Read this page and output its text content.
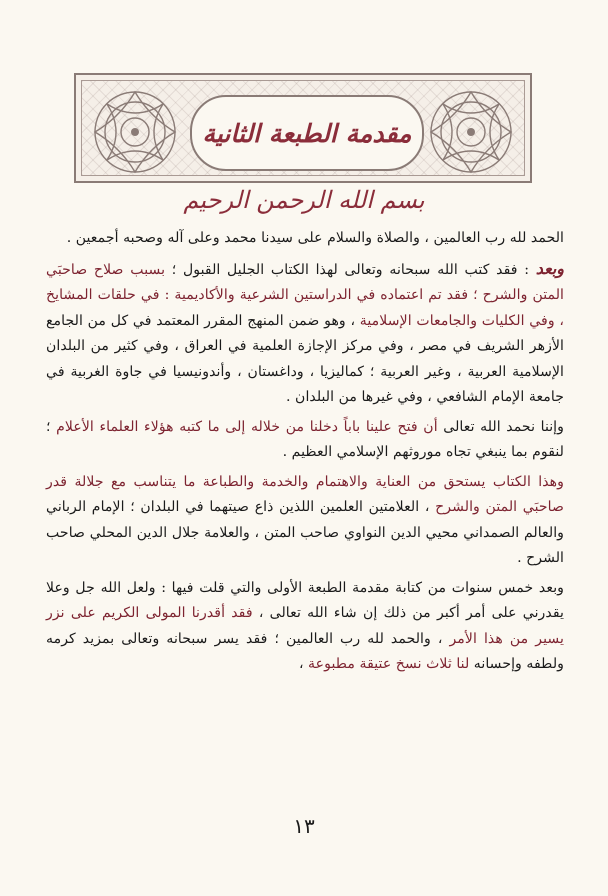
مقدمة الطبعة الثانية
بسم الله الرحمن الرحيم

الحمد لله رب العالمين ، والصلاة والسلام على سيدنا محمد وعلى آله وصحبه أجمعين .

وبعد : فقد كتب الله سبحانه وتعالى لهذا الكتاب الجليل القبول ؛ بسبب صلاح صاحبَي المتن والشرح ؛ فقد تم اعتماده في الدراستين الشرعية والأكاديمية : في حلقات المشايخ ، وفي الكليات والجامعات الإسلامية ، وهو ضمن المنهج المقرر المعتمد في كل من الجامع الأزهر الشريف في مصر ، وفي مركز الإجازة العلمية في العراق ، وفي كثير من البلدان الإسلامية العربية ، وغير العربية ؛ كماليزيا ، وداغستان ، وأندونيسيا في جاوة الغربية في جامعة الإمام الشافعي ، وفي غيرها من البلدان .

وإننا نحمد الله تعالى أن فتح علينا باباً دخلنا من خلاله إلى ما كتبه هؤلاء العلماء الأعلام ؛ لنقوم بما ينبغي تجاه موروثهم الإسلامي العظيم .

وهذا الكتاب يستحق من العناية والاهتمام والخدمة والطباعة ما يتناسب مع جلالة قدر صاحبَي المتن والشرح ، العلامتين العلمين اللذين ذاع صيتهما في البلدان ؛ الإمام الرباني والعالم الصمداني محيي الدين النواوي صاحب المتن ، والعلامة جلال الدين المحلي صاحب الشرح .

وبعد خمس سنوات من كتابة مقدمة الطبعة الأولى والتي قلت فيها : ولعل الله جل وعلا يقدرني على أمر أكبر من ذلك إن شاء الله تعالى ، فقد أقدرنا المولى الكريم على نزر يسير من هذا الأمر ، والحمد لله رب العالمين ؛ فقد يسر سبحانه وتعالى بمزيد كرمه ولطفه وإحسانه لنا ثلاث نسخ عتيقة مطبوعة ،

١٣
